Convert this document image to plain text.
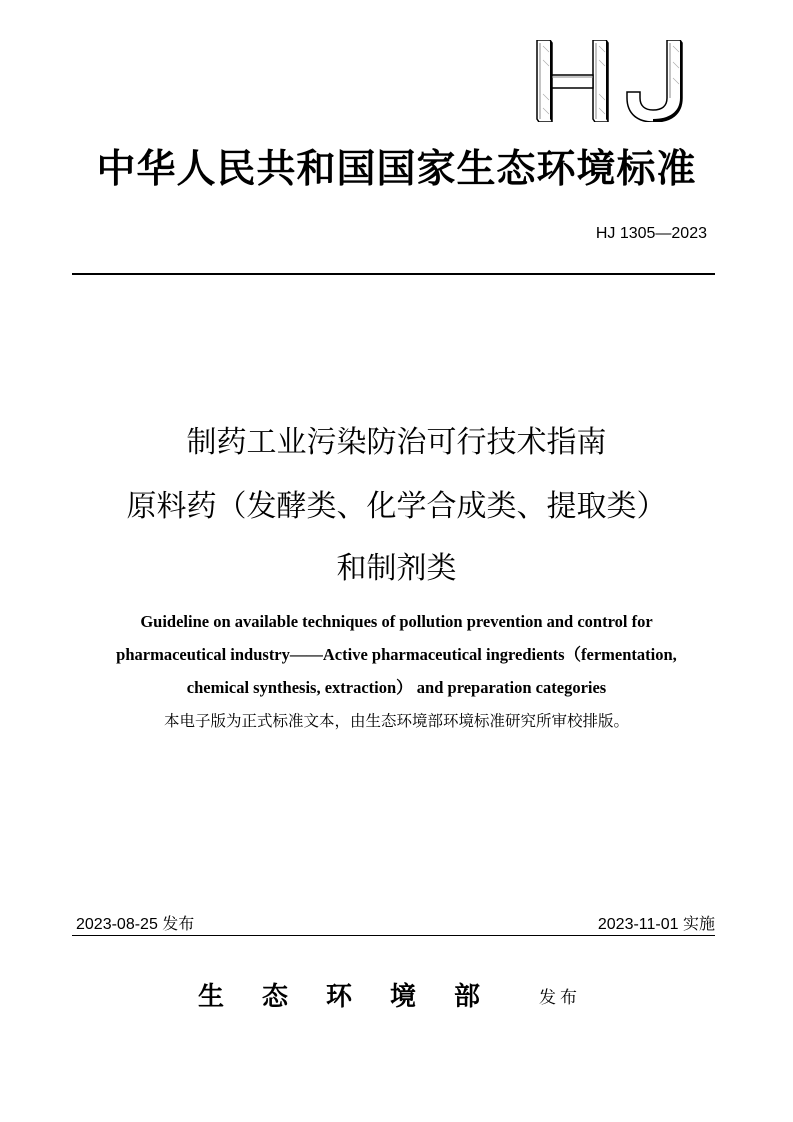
中华人民共和国国家生态环境标准
HJ 1305—2023
制药工业污染防治可行技术指南
原料药（发酵类、化学合成类、提取类）
和制剂类
Guideline on available techniques of pollution prevention and control for
pharmaceutical industry——Active pharmaceutical ingredients（fermentation,
chemical synthesis, extraction） and preparation categories
本电子版为正式标准文本，由生态环境部环境标准研究所审校排版。
2023-08-25 发布	2023-11-01 实施
生态环境部 发布
